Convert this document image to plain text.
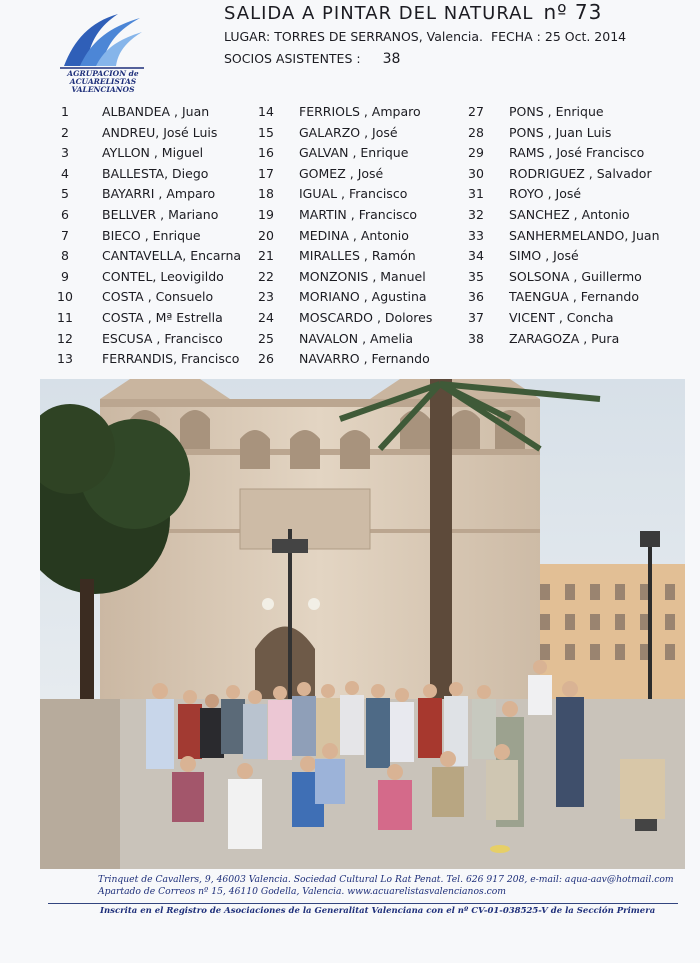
AGRUPACION de
ACUARELISTAS
VALENCIANOS
SALIDA A PINTAR DEL NATURAL nº 73
LUGAR: TORRES DE SERRANOS, Valencia. FECHA : 25 Oct. 2014
SOCIOS ASISTENTES : 38
1	ALBANDEA , Juan
2	ANDREU, José Luis
3	AYLLON , Miguel
4	BALLESTA, Diego
5	BAYARRI , Amparo
6	BELLVER , Mariano
7	BIECO , Enrique
8	CANTAVELLA, Encarna
9	CONTEL, Leovigildo
10	COSTA , Consuelo
11	COSTA , Mª Estrella
12	ESCUSA , Francisco
13	FERRANDIS, Francisco
14	FERRIOLS , Amparo
15	GALARZO , José
16	GALVAN , Enrique
17	GOMEZ , José
18	IGUAL , Francisco
19	MARTIN , Francisco
20	MEDINA , Antonio
21	MIRALLES , Ramón
22	MONZONIS , Manuel
23	MORIANO , Agustina
24	MOSCARDO , Dolores
25	NAVALON , Amelia
26	NAVARRO , Fernando
27	PONS , Enrique
28	PONS , Juan Luis
29	RAMS , José Francisco
30	RODRIGUEZ , Salvador
31	ROYO , José
32	SANCHEZ , Antonio
33	SANHERMELANDO, Juan
34	SIMO , José
35	SOLSONA , Guillermo
36	TAENGUA , Fernando
37	VICENT , Concha
38	ZARAGOZA , Pura
Trinquet de Cavallers, 9, 46003 Valencia. Sociedad Cultural Lo Rat Penat. Tel. 626 917 208, e-mail: aqua-aav@hotmail.com
Apartado de Correos nº 15, 46110 Godella, Valencia. www.acuarelistasvalencianos.com
Inscrita en el Registro de Asociaciones de la Generalitat Valenciana con el nº CV-01-038525-V de la Sección Primera
